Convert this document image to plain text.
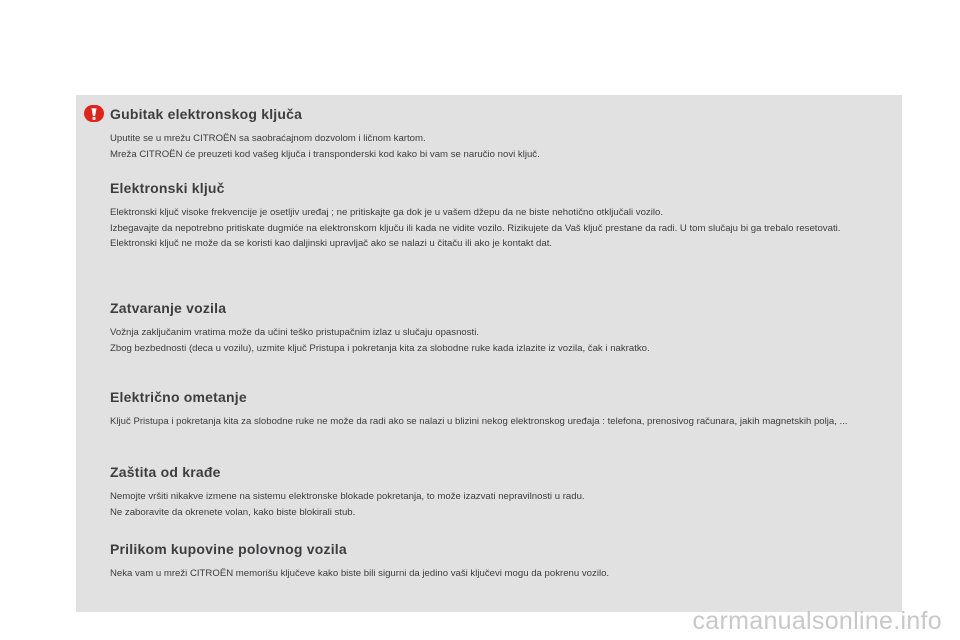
Gubitak elektronskog ključa

Uputite se u mrežu CITROËN sa saobraćajnom dozvolom i ličnom kartom.

Mreža CITROËN će preuzeti kod vašeg ključa i transponderski kod kako bi vam se naručio novi ključ.

Elektronski ključ

Elektronski ključ visoke frekvencije je osetljiv uređaj ; ne pritiskajte ga dok je u vašem džepu da ne biste nehotično otključali vozilo.

Izbegavajte da nepotrebno pritiskate dugmiće na elektronskom ključu ili kada ne vidite vozilo. Rizikujete da Vaš ključ prestane da radi. U tom slučaju bi ga trebalo resetovati.

Elektronski ključ ne može da se koristi kao daljinski upravljač ako se nalazi u čitaču ili ako je kontakt dat.

Zatvaranje vozila

Vožnja zaključanim vratima može da učini teško pristupačnim izlaz u slučaju opasnosti.

Zbog bezbednosti (deca u vozilu), uzmite ključ Pristupa i pokretanja kita za slobodne ruke kada izlazite iz vozila, čak i nakratko.

Električno ometanje

Ključ Pristupa i pokretanja kita za slobodne ruke ne može da radi ako se nalazi u blizini nekog elektronskog uređaja : telefona, prenosivog računara, jakih magnetskih polja, ...

Zaštita od krađe

Nemojte vršiti nikakve izmene na sistemu elektronske blokade pokretanja, to može izazvati nepravilnosti u radu.

Ne zaboravite da okrenete volan, kako biste blokirali stub.

Prilikom kupovine polovnog vozila

Neka vam u mreži CITROËN memorišu ključeve kako biste bili sigurni da jedino vaši ključevi mogu da pokrenu vozilo.

carmanualsonline.info
